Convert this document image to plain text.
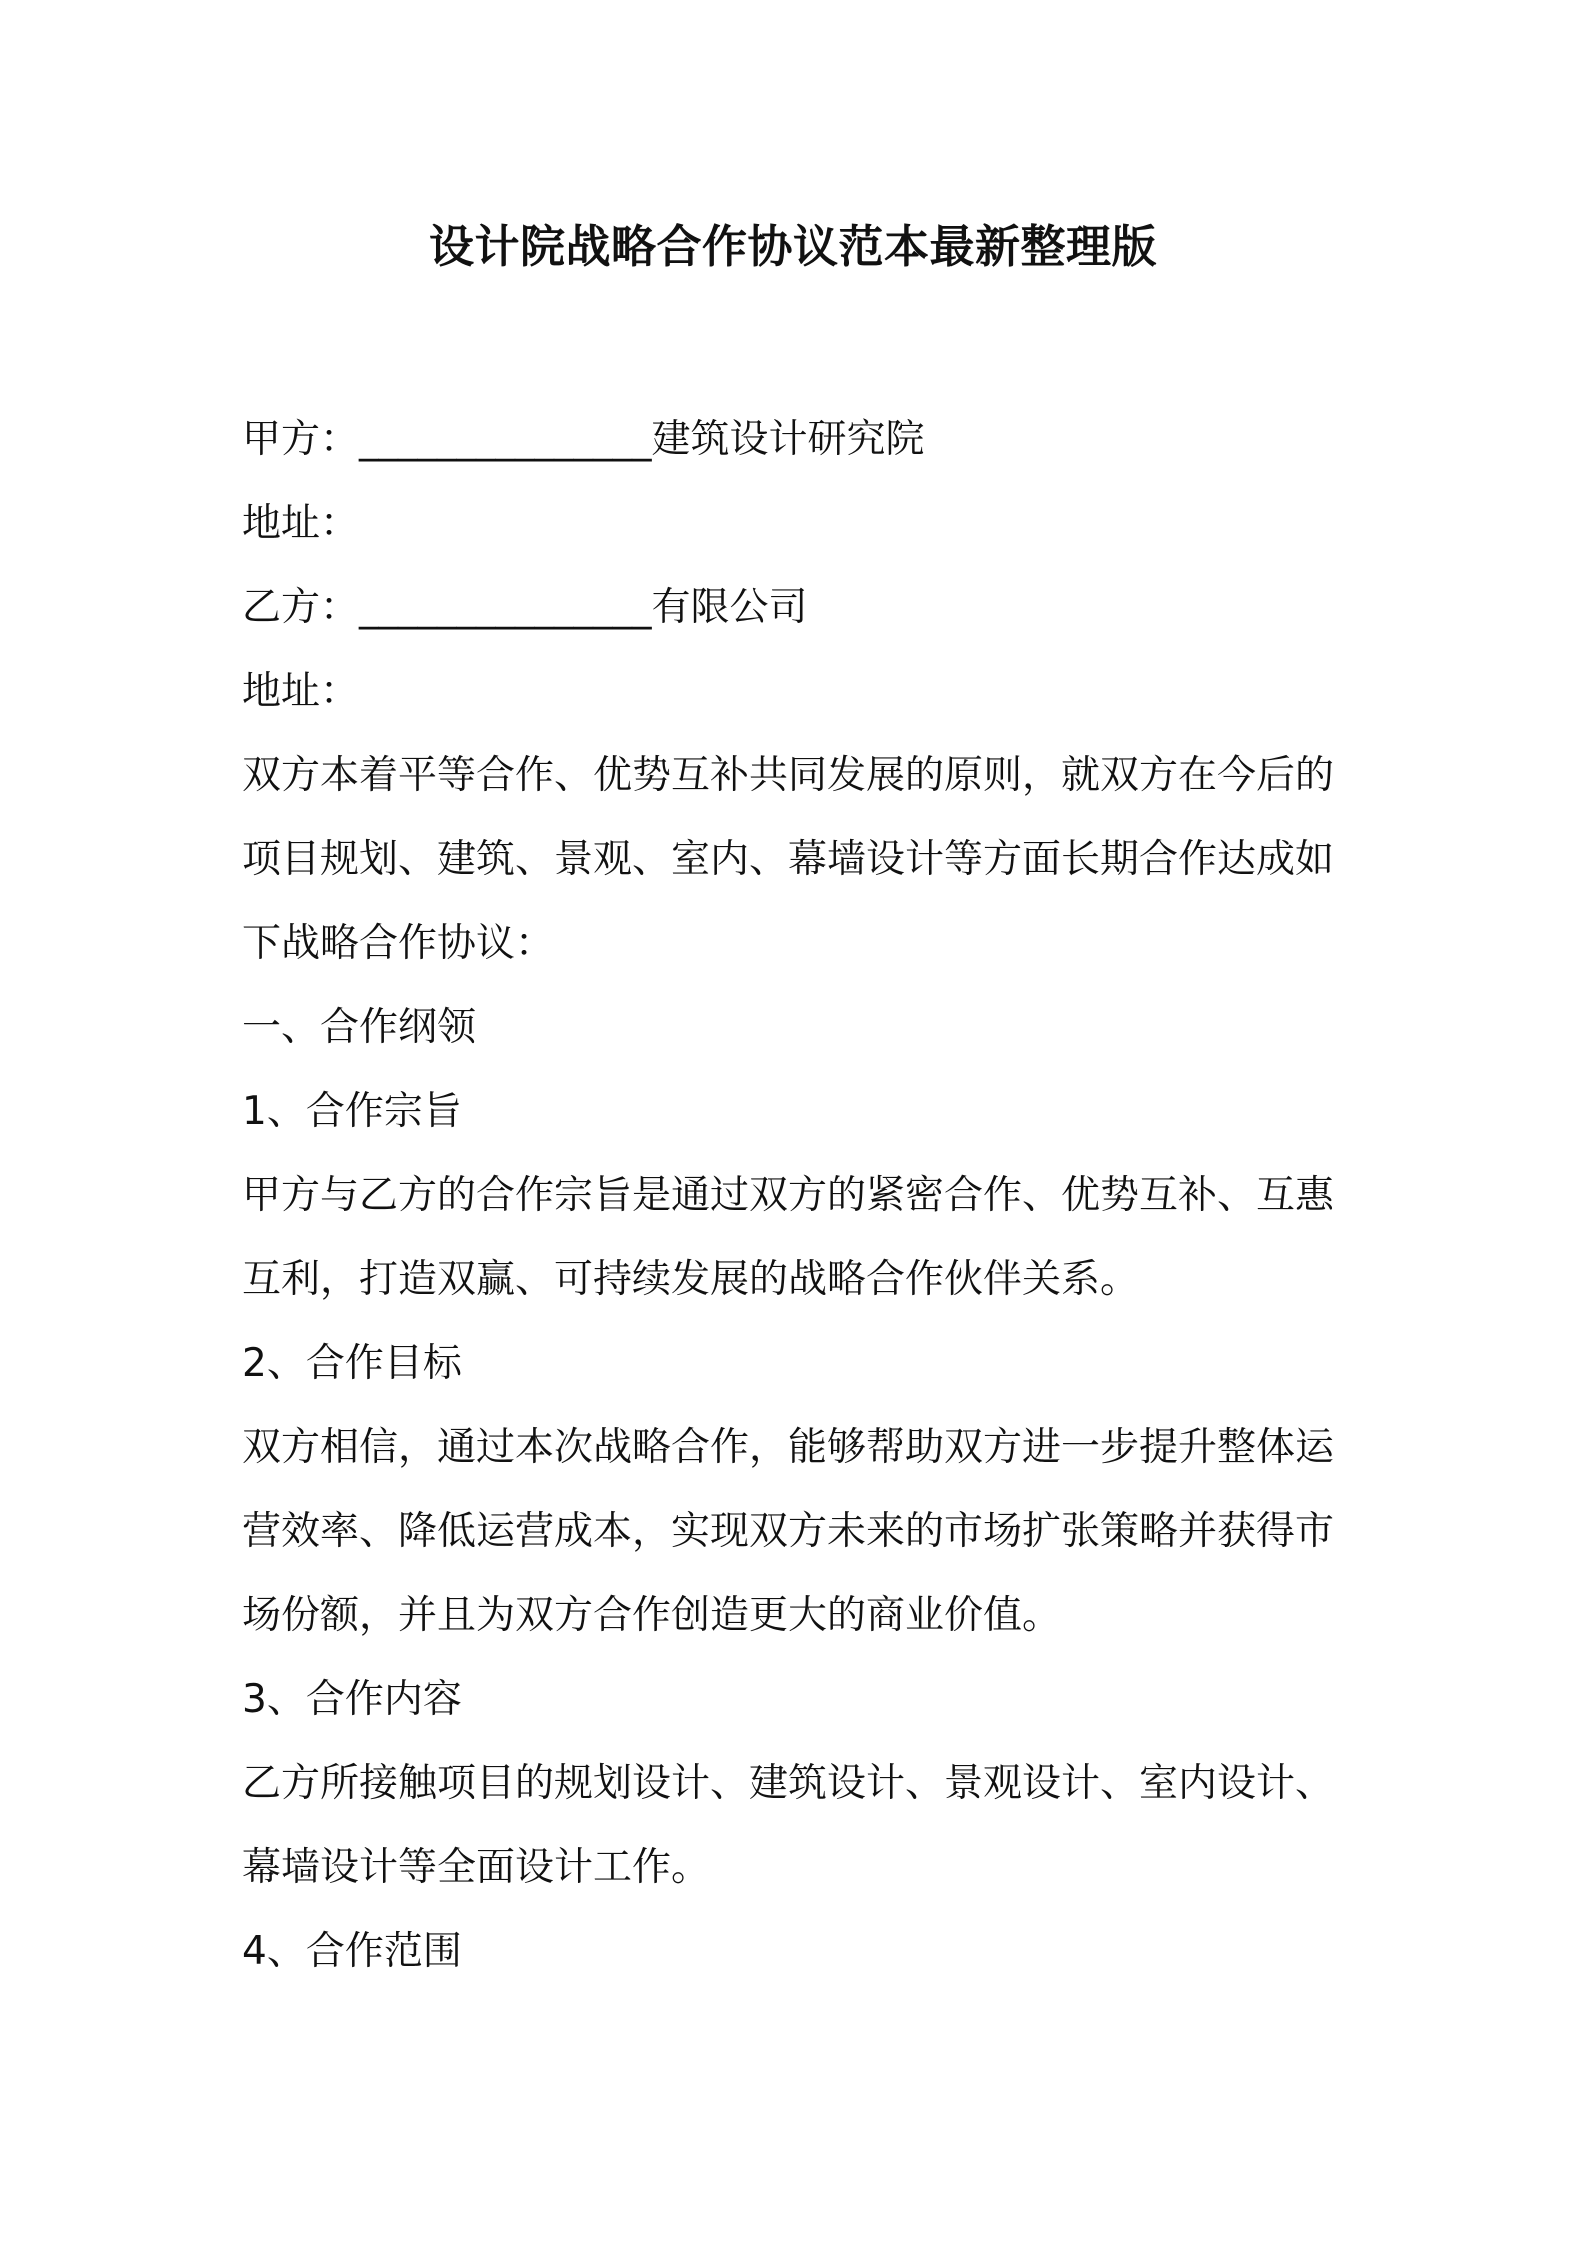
设计院战略合作协议范本最新整理版
甲方：_______________建筑设计研究院
地址：
乙方：_______________有限公司
地址：
双方本着平等合作、优势互补共同发展的原则，就双方在今后的
项目规划、建筑、景观、室内、幕墙设计等方面长期合作达成如
下战略合作协议：
一、合作纲领
1、合作宗旨
甲方与乙方的合作宗旨是通过双方的紧密合作、优势互补、互惠
互利，打造双赢、可持续发展的战略合作伙伴关系。
2、合作目标
双方相信，通过本次战略合作，能够帮助双方进一步提升整体运
营效率、降低运营成本，实现双方未来的市场扩张策略并获得市
场份额，并且为双方合作创造更大的商业价值。
3、合作内容
乙方所接触项目的规划设计、建筑设计、景观设计、室内设计、
幕墙设计等全面设计工作。
4、合作范围
